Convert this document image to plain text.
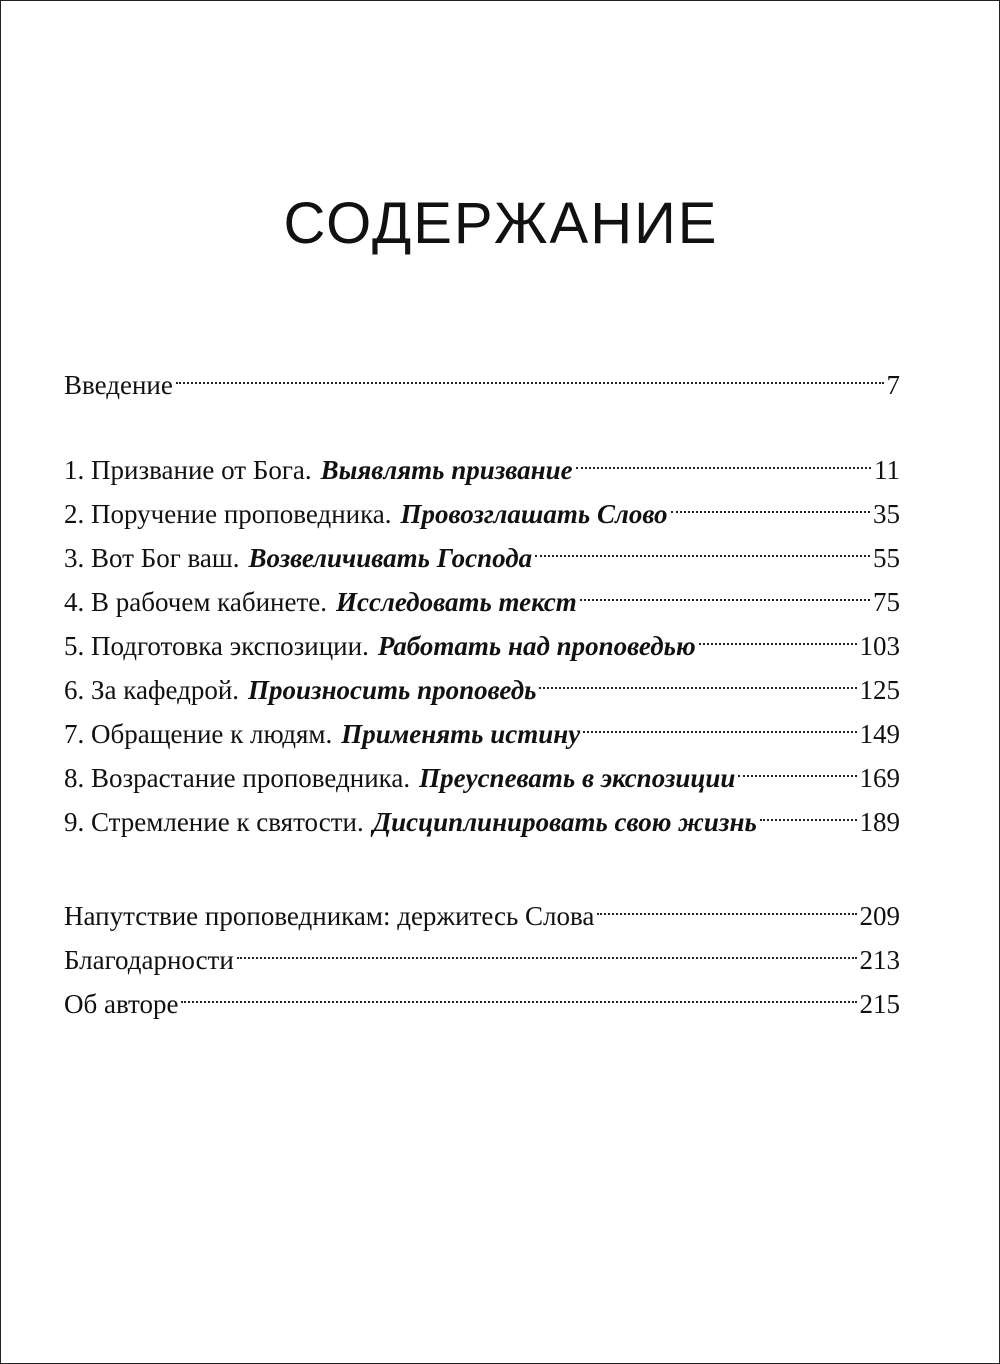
СОДЕРЖАНИЕ
Введение	7
1. Призвание от Бога. Выявлять призвание	11
2. Поручение проповедника. Провозглашать Слово	35
3. Вот Бог ваш. Возвеличивать Господа	55
4. В рабочем кабинете. Исследовать текст	75
5. Подготовка экспозиции. Работать над проповедью	103
6. За кафедрой. Произносить проповедь	125
7. Обращение к людям. Применять истину	149
8. Возрастание проповедника. Преуспевать в экспозиции	169
9. Стремление к святости. Дисциплинировать свою жизнь	189
Напутствие проповедникам: держитесь Слова	209
Благодарности	213
Об авторе	215
